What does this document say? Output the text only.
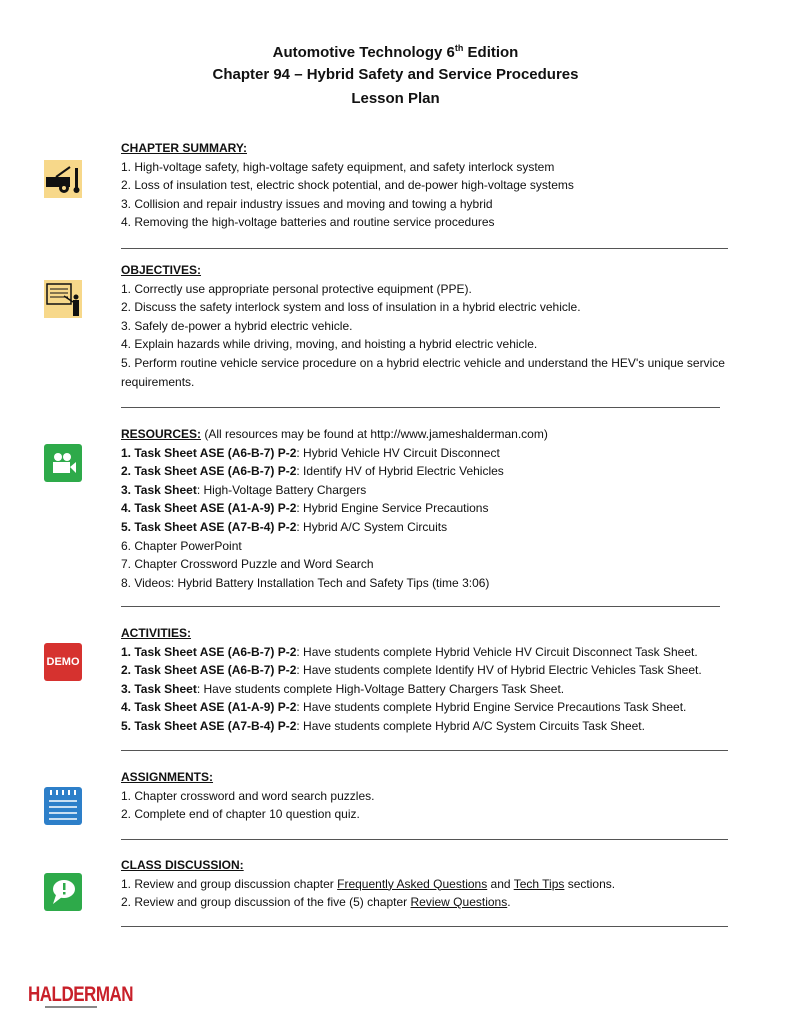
Automotive Technology 6th Edition
Chapter 94 – Hybrid Safety and Service Procedures
Lesson Plan
CHAPTER SUMMARY:
1. High-voltage safety, high-voltage safety equipment, and safety interlock system
2. Loss of insulation test, electric shock potential, and de-power high-voltage systems
3. Collision and repair industry issues and moving and towing a hybrid
4. Removing the high-voltage batteries and routine service procedures
OBJECTIVES:
1. Correctly use appropriate personal protective equipment (PPE).
2. Discuss the safety interlock system and loss of insulation in a hybrid electric vehicle.
3. Safely de-power a hybrid electric vehicle.
4. Explain hazards while driving, moving, and hoisting a hybrid electric vehicle.
5. Perform routine vehicle service procedure on a hybrid electric vehicle and understand the HEV's unique service requirements.
RESOURCES: (All resources may be found at http://www.jameshalderman.com)
1. Task Sheet ASE (A6-B-7) P-2: Hybrid Vehicle HV Circuit Disconnect
2. Task Sheet ASE (A6-B-7) P-2: Identify HV of Hybrid Electric Vehicles
3. Task Sheet: High-Voltage Battery Chargers
4. Task Sheet ASE (A1-A-9) P-2: Hybrid Engine Service Precautions
5. Task Sheet ASE (A7-B-4) P-2: Hybrid A/C System Circuits
6. Chapter PowerPoint
7. Chapter Crossword Puzzle and Word Search
8. Videos: Hybrid Battery Installation Tech and Safety Tips (time 3:06)
DEMO
ACTIVITIES:
1. Task Sheet ASE (A6-B-7) P-2: Have students complete Hybrid Vehicle HV Circuit Disconnect Task Sheet.
2. Task Sheet ASE (A6-B-7) P-2: Have students complete Identify HV of Hybrid Electric Vehicles Task Sheet.
3. Task Sheet: Have students complete High-Voltage Battery Chargers Task Sheet.
4. Task Sheet ASE (A1-A-9) P-2: Have students complete Hybrid Engine Service Precautions Task Sheet.
5. Task Sheet ASE (A7-B-4) P-2: Have students complete Hybrid A/C System Circuits Task Sheet.
ASSIGNMENTS:
1. Chapter crossword and word search puzzles.
2. Complete end of chapter 10 question quiz.
CLASS DISCUSSION:
1. Review and group discussion chapter Frequently Asked Questions and Tech Tips sections.
2. Review and group discussion of the five (5) chapter Review Questions.
HALDERMAN
